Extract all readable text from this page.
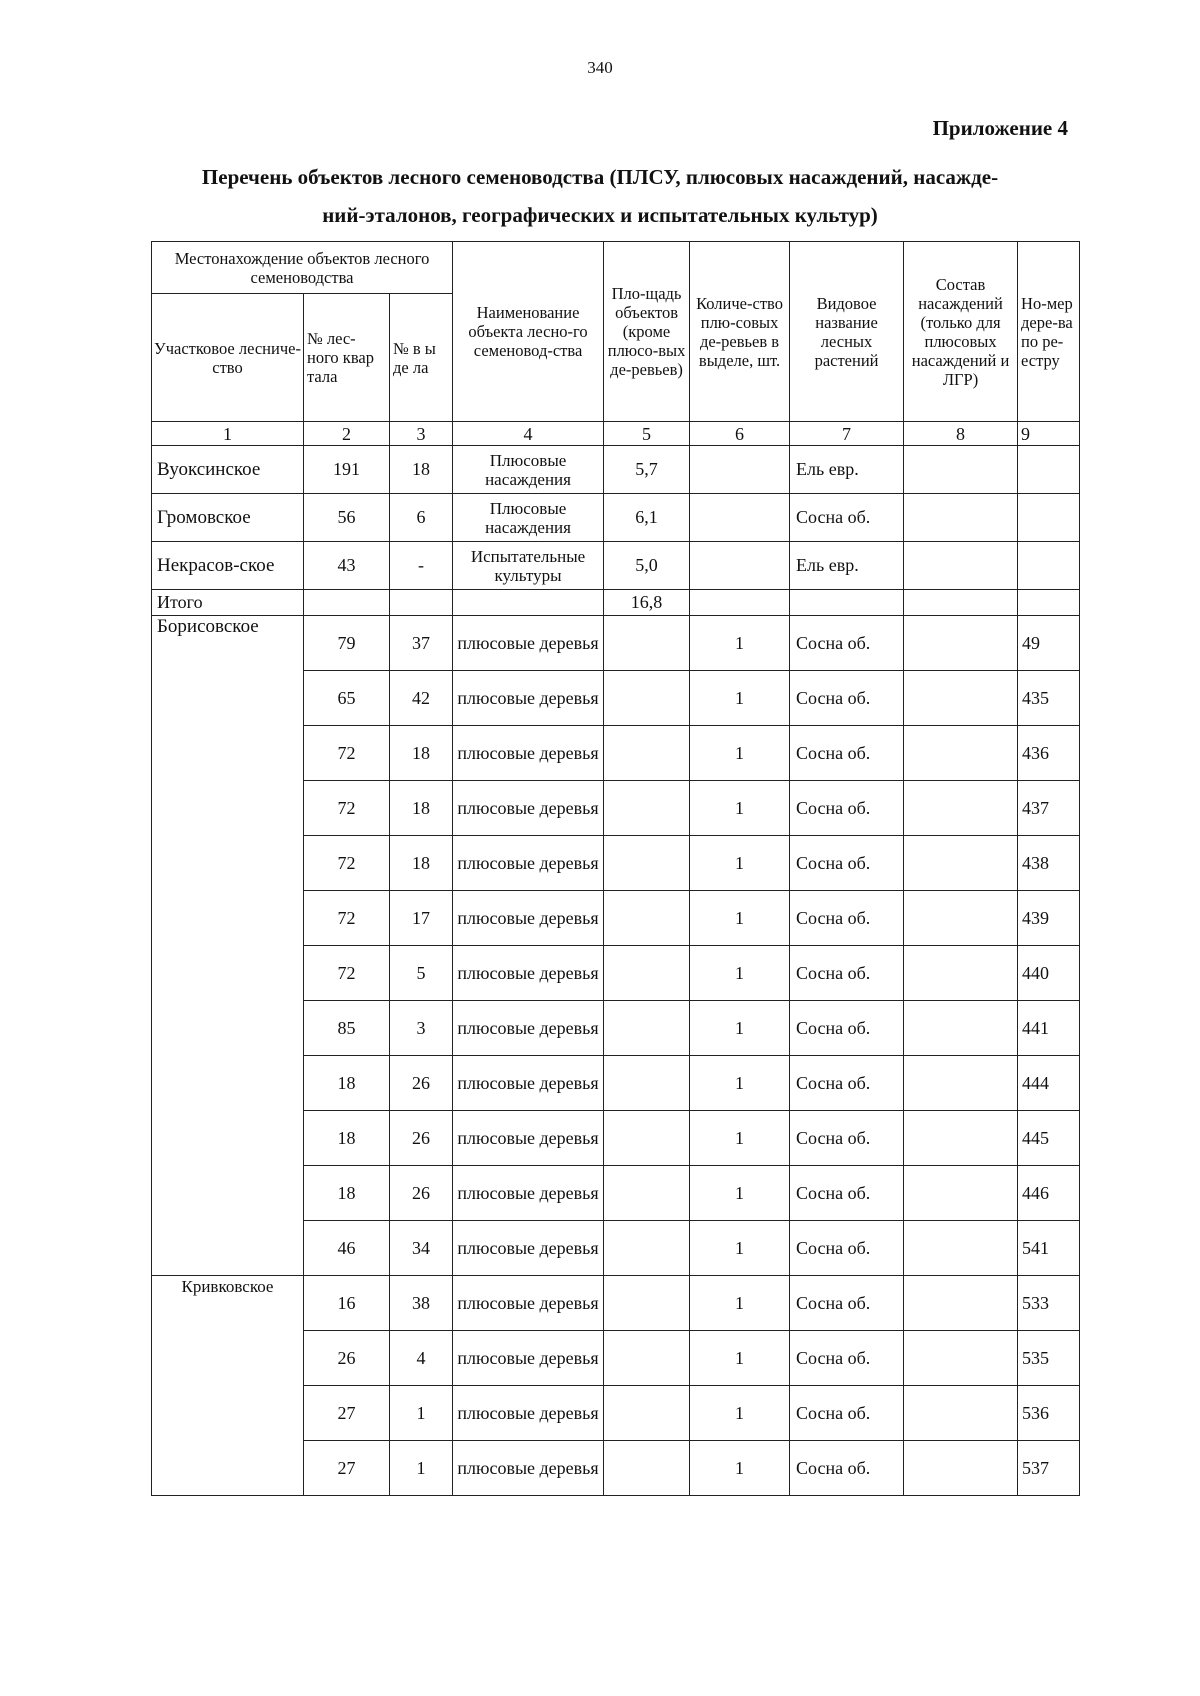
340
Приложение 4
Перечень объектов лесного семеноводства (ПЛСУ, плюсовых насаждений, насажде-
ний-эталонов, географических и испытательных культур)
Местонахождение объектов лесного семеноводства			Наименование объекта лесно-го семеновод-ства	Пло-щадь объектов (кроме плюсо-вых де-ревьев)	Количе-ство плю-совых де-ревьев в выделе, шт.	Видовое название лесных растений	Состав насаждений (только для плюсовых насаждений и ЛГР)	Но-мер дере-ва по ре-естру
Участковое лесниче-ство	№ лес-ного квар тала	№ в ы де ла						
1	2	3	4	5	6	7	8	9
Вуоксинское	191	18	Плюсовые насаждения	5,7		Ель евр.		
Громовское	56	6	Плюсовые насаждения	6,1		Сосна об.		
Некрасов-ское	43	-	Испытательные культуры	5,0		Ель евр.		
Итого				16,8				
Борисовское	79	37	плюсовые деревья		1	Сосна об.		49
	65	42	плюсовые деревья		1	Сосна об.		435
	72	18	плюсовые деревья		1	Сосна об.		436
	72	18	плюсовые деревья		1	Сосна об.		437
	72	18	плюсовые деревья		1	Сосна об.		438
	72	17	плюсовые деревья		1	Сосна об.		439
	72	5	плюсовые деревья		1	Сосна об.		440
	85	3	плюсовые деревья		1	Сосна об.		441
	18	26	плюсовые деревья		1	Сосна об.		444
	18	26	плюсовые деревья		1	Сосна об.		445
	18	26	плюсовые деревья		1	Сосна об.		446
	46	34	плюсовые деревья		1	Сосна об.		541
Кривковское	16	38	плюсовые деревья		1	Сосна об.		533
	26	4	плюсовые деревья		1	Сосна об.		535
	27	1	плюсовые деревья		1	Сосна об.		536
	27	1	плюсовые деревья		1	Сосна об.		537
